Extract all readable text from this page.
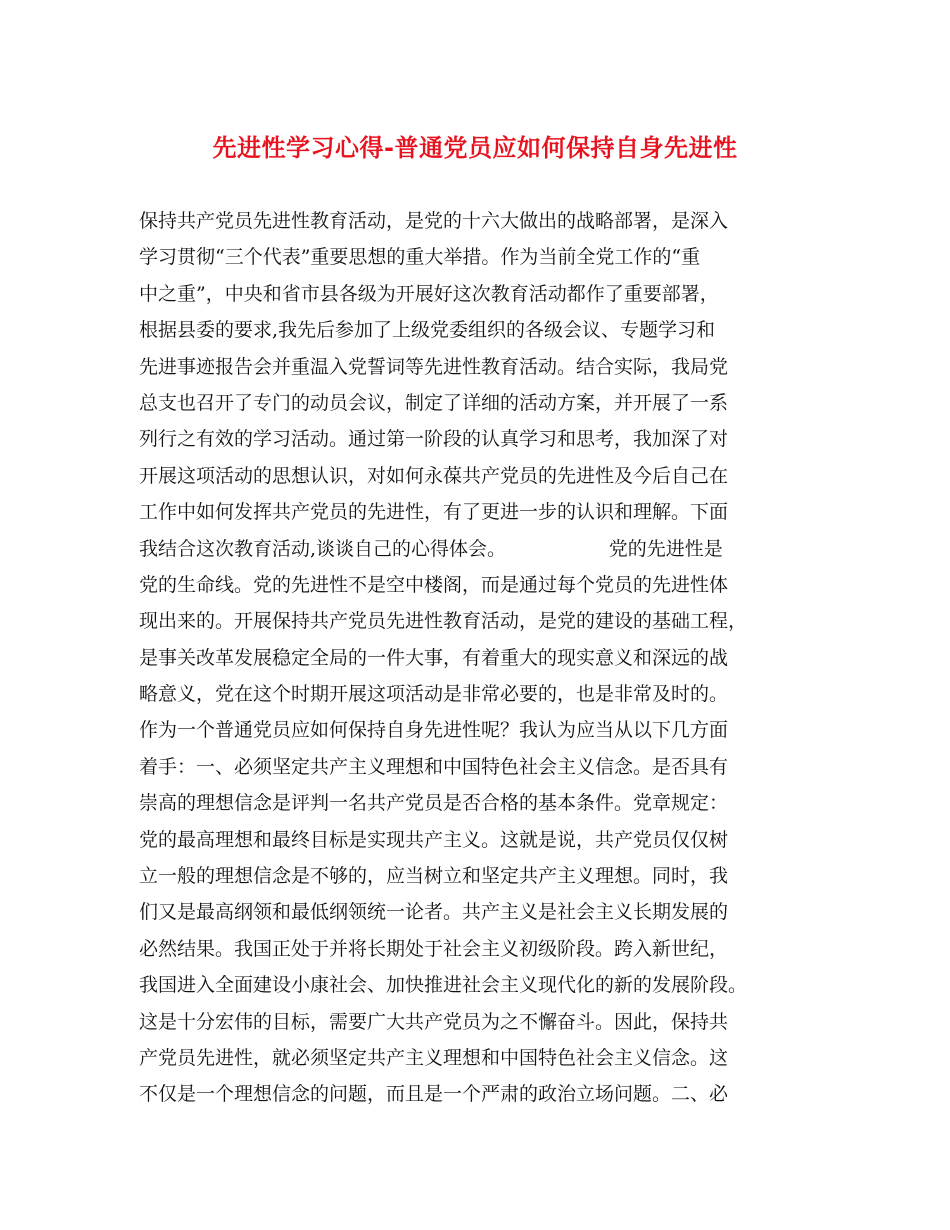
先进性学习心得-普通党员应如何保持自身先进性
保持共产党员先进性教育活动，是党的十六大做出的战略部署，是深入
学习贯彻“三个代表”重要思想的重大举措。作为当前全党工作的“重
中之重”，中央和省市县各级为开展好这次教育活动都作了重要部署，
根据县委的要求,我先后参加了上级党委组织的各级会议、专题学习和
先进事迹报告会并重温入党誓词等先进性教育活动。结合实际，我局党
总支也召开了专门的动员会议，制定了详细的活动方案，并开展了一系
列行之有效的学习活动。通过第一阶段的认真学习和思考，我加深了对
开展这项活动的思想认识，对如何永葆共产党员的先进性及今后自己在
工作中如何发挥共产党员的先进性，有了更进一步的认识和理解。下面
我结合这次教育活动,谈谈自己的心得体会。                 党的先进性是
党的生命线。党的先进性不是空中楼阁，而是通过每个党员的先进性体
现出来的。开展保持共产党员先进性教育活动，是党的建设的基础工程，
是事关改革发展稳定全局的一件大事，有着重大的现实意义和深远的战
略意义，党在这个时期开展这项活动是非常必要的，也是非常及时的。
作为一个普通党员应如何保持自身先进性呢？我认为应当从以下几方面
着手：一、必须坚定共产主义理想和中国特色社会主义信念。是否具有
崇高的理想信念是评判一名共产党员是否合格的基本条件。党章规定：
党的最高理想和最终目标是实现共产主义。这就是说，共产党员仅仅树
立一般的理想信念是不够的，应当树立和坚定共产主义理想。同时，我
们又是最高纲领和最低纲领统一论者。共产主义是社会主义长期发展的
必然结果。我国正处于并将长期处于社会主义初级阶段。跨入新世纪，
我国进入全面建设小康社会、加快推进社会主义现代化的新的发展阶段。
这是十分宏伟的目标，需要广大共产党员为之不懈奋斗。因此，保持共
产党员先进性，就必须坚定共产主义理想和中国特色社会主义信念。这
不仅是一个理想信念的问题，而且是一个严肃的政治立场问题。二、必
